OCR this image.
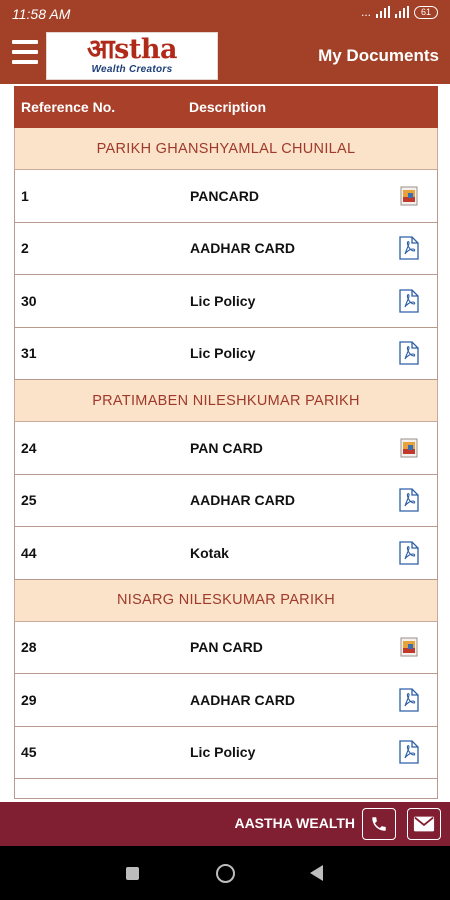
11:58 AM	...	61
आstha
Wealth Creators
My Documents
Reference No.	Description
PARIKH GHANSHYAMLAL CHUNILAL
1	PANCARD
2	AADHAR CARD
30	Lic Policy
31	Lic Policy
PRATIMABEN NILESHKUMAR PARIKH
24	PAN CARD
25	AADHAR CARD
44	Kotak
NISARG NILESKUMAR PARIKH
28	PAN CARD
29	AADHAR CARD
45	Lic Policy
AASTHA WEALTH
